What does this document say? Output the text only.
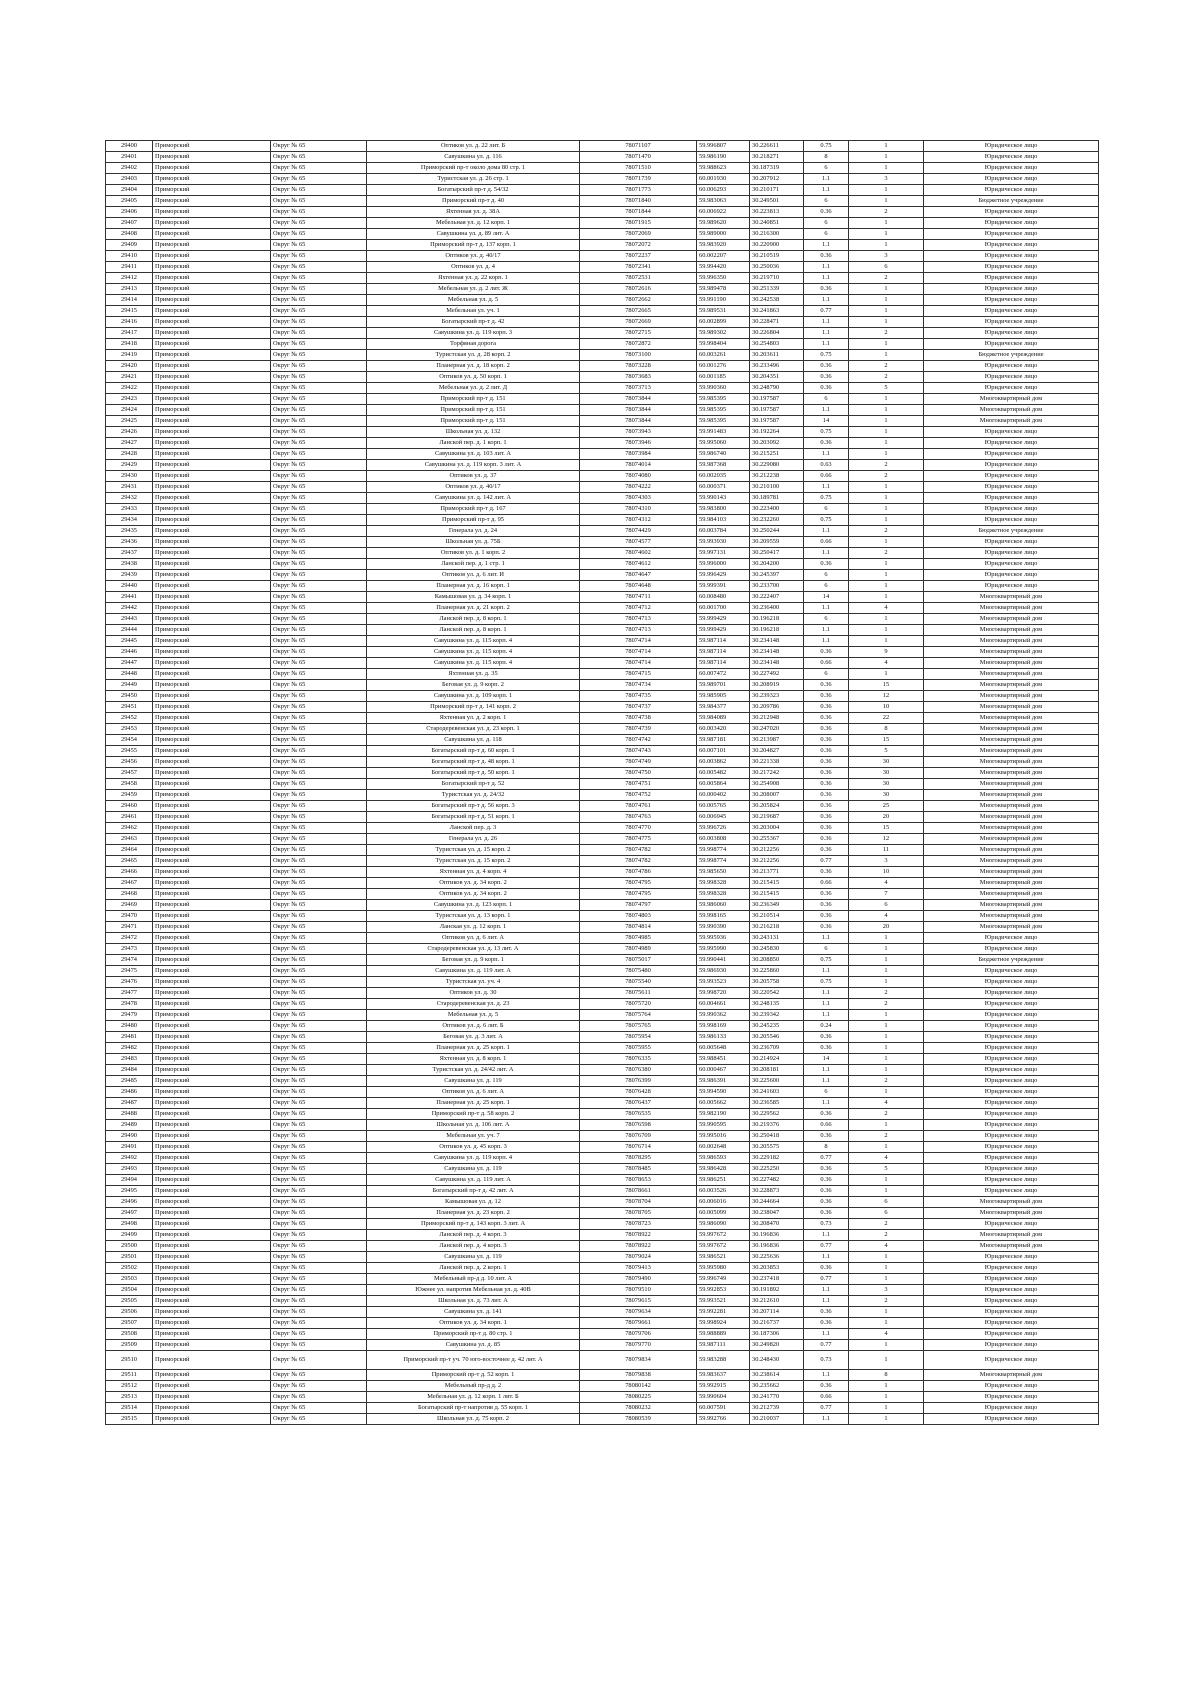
29400	Приморский	Округ № 65	Оптиков ул. д. 22 лит. Б	78071107	59.996807	30.226611	0.75	1	Юридическое лицо
29401	Приморский	Округ № 65	Савушкина ул. д. 116	78071470	59.986190	30.218271	8	1	Юридическое лицо
29402	Приморский	Округ № 65	Приморский пр-т около дома 80 стр. 1	78071510	59.988623	30.187319	6	1	Юридическое лицо
29403	Приморский	Округ № 65	Туристская ул. д. 26 стр. 1	78071739	60.001930	30.207912	1.1	3	Юридическое лицо
29404	Приморский	Округ № 65	Богатырский пр-т д. 54/32	78071773	60.006293	30.210171	1.1	1	Юридическое лицо
29405	Приморский	Округ № 65	Приморский пр-т д. 40	78071840	59.983063	30.249501	6	1	Бюджетное учреждение
29406	Приморский	Округ № 65	Яхтенная ул. д. 38А	78071844	60.006922	30.223813	0.36	2	Юридическое лицо
29407	Приморский	Округ № 65	Мебельная ул. д. 12 корп. 1	78071915	59.989620	30.240851	6	1	Юридическое лицо
29408	Приморский	Округ № 65	Савушкина ул. д. 89 лит. А	78072069	59.989000	30.216300	6	1	Юридическое лицо
29409	Приморский	Округ № 65	Приморский пр-т д. 137 корп. 1	78072072	59.983920	30.220900	1.1	1	Юридическое лицо
29410	Приморский	Округ № 65	Оптиков ул. д. 40/17	78072237	60.002207	30.210519	0.36	3	Юридическое лицо
29411	Приморский	Округ № 65	Оптиков ул. д. 4	78072341	59.994420	30.250036	1.1	6	Юридическое лицо
29412	Приморский	Округ № 65	Яхтенная ул. д. 22 корп. 1	78072531	59.996350	30.219710	1.1	2	Юридическое лицо
29413	Приморский	Округ № 65	Мебельная ул. д. 2 лит. Ж	78072616	59.989478	30.251339	0.36	1	Юридическое лицо
29414	Приморский	Округ № 65	Мебельная ул. д. 5	78072662	59.991190	30.242538	1.1	1	Юридическое лицо
29415	Приморский	Округ № 65	Мебельная ул. уч. 1	78072665	59.989531	30.241863	0.77	1	Юридическое лицо
29416	Приморский	Округ № 65	Богатырский пр-т д. 42	78072669	60.002899	30.228471	1.1	1	Юридическое лицо
29417	Приморский	Округ № 65	Савушкина ул. д. 119 корп. 3	78072715	59.989302	30.226804	1.1	2	Юридическое лицо
29418	Приморский	Округ № 65	Торфяная дорога	78072872	59.998404	30.254803	1.1	1	Юридическое лицо
29419	Приморский	Округ № 65	Туристская ул. д. 28 корп. 2	78073100	60.003261	30.203611	0.75	1	Бюджетное учреждение
29420	Приморский	Округ № 65	Планерная ул. д. 18 корп. 2	78073228	60.001276	30.233496	0.36	2	Юридическое лицо
29421	Приморский	Округ № 65	Оптиков ул. д. 50 корп. 1	78073683	60.001185	30.204351	0.36	2	Юридическое лицо
29422	Приморский	Округ № 65	Мебельная ул. д. 2 лит. Д	78073713	59.990360	30.248790	0.36	5	Юридическое лицо
29423	Приморский	Округ № 65	Приморский пр-т д. 151	78073844	59.985395	30.197587	6	1	Многоквартирный дом
29424	Приморский	Округ № 65	Приморский пр-т д. 151	78073844	59.985395	30.197587	1.1	1	Многоквартирный дом
29425	Приморский	Округ № 65	Приморский пр-т д. 151	78073844	59.985395	30.197587	14	1	Многоквартирный дом
29426	Приморский	Округ № 65	Школьная ул. д. 132	78073943	59.991483	30.192264	0.75	1	Юридическое лицо
29427	Приморский	Округ № 65	Ланской пер. д. 1 корп. 1	78073946	59.995060	30.203092	0.36	1	Юридическое лицо
29428	Приморский	Округ № 65	Савушкина ул. д. 103 лит. А	78073984	59.986740	30.215251	1.1	1	Юридическое лицо
29429	Приморский	Округ № 65	Савушкина ул. д. 119 корп. 3 лит. А	78074014	59.987368	30.229080	0.63	2	Юридическое лицо
29430	Приморский	Округ № 65	Оптиков ул. д. 37	78074080	60.002035	30.212238	0.66	2	Юридическое лицо
29431	Приморский	Округ № 65	Оптиков ул. д. 40/17	78074222	60.000371	30.210100	1.1	1	Юридическое лицо
29432	Приморский	Округ № 65	Савушкина ул. д. 142 лит. А	78074303	59.990143	30.189781	0.75	1	Юридическое лицо
29433	Приморский	Округ № 65	Приморский пр-т д. 167	78074310	59.983800	30.223400	6	1	Юридическое лицо
29434	Приморский	Округ № 65	Приморский пр-т д. 95	78074312	59.984103	30.232260	0.75	1	Юридическое лицо
29435	Приморский	Округ № 65	Генерала ул. д. 24	78074429	60.003784	30.250244	1.1	2	Бюджетное учреждение
29436	Приморский	Округ № 65	Школьная ул. д. 75Б	78074577	59.993930	30.209559	0.66	1	Юридическое лицо
29437	Приморский	Округ № 65	Оптиков ул. д. 1 корп. 2	78074602	59.997131	30.250417	1.1	2	Юридическое лицо
29438	Приморский	Округ № 65	Ланской пер. д. 1 стр. 1	78074612	59.996000	30.204200	0.36	1	Юридическое лицо
29439	Приморский	Округ № 65	Оптиков ул. д. 6 лит. И	78074647	59.996429	30.245397	6	1	Юридическое лицо
29440	Приморский	Округ № 65	Планерная ул. д. 16 корп. 1	78074648	59.999391	30.233700	6	1	Юридическое лицо
29441	Приморский	Округ № 65	Камышовая ул. д. 34 корп. 1	78074711	60.008480	30.222407	14	1	Многоквартирный дом
29442	Приморский	Округ № 65	Планерная ул. д. 21 корп. 2	78074712	60.001700	30.236400	1.1	4	Многоквартирный дом
29443	Приморский	Округ № 65	Ланской пер. д. 8 корп. 1	78074713	59.999429	30.196218	6	1	Многоквартирный дом
29444	Приморский	Округ № 65	Ланской пер. д. 8 корп. 1	78074713	59.999429	30.196218	1.1	1	Многоквартирный дом
29445	Приморский	Округ № 65	Савушкина ул. д. 115 корп. 4	78074714	59.987114	30.234148	1.1	1	Многоквартирный дом
29446	Приморский	Округ № 65	Савушкина ул. д. 115 корп. 4	78074714	59.987114	30.234148	0.36	9	Многоквартирный дом
29447	Приморский	Округ № 65	Савушкина ул. д. 115 корп. 4	78074714	59.987114	30.234148	0.66	4	Многоквартирный дом
29448	Приморский	Округ № 65	Яхтенная ул. д. 35	78074715	60.007472	30.227492	6	1	Многоквартирный дом
29449	Приморский	Округ № 65	Беговая ул. д. 9 корп. 2	78074734	59.989701	30.208919	0.36	15	Многоквартирный дом
29450	Приморский	Округ № 65	Савушкина ул. д. 109 корп. 1	78074735	59.985905	30.239323	0.36	12	Многоквартирный дом
29451	Приморский	Округ № 65	Приморский пр-т д. 141 корп. 2	78074737	59.984377	30.209786	0.36	10	Многоквартирный дом
29452	Приморский	Округ № 65	Яхтенная ул. д. 2 корп. 1	78074738	59.984089	30.212948	0.36	22	Многоквартирный дом
29453	Приморский	Округ № 65	Стародеревенская ул. д. 23 корп. 1	78074739	60.003420	30.247020	0.36	8	Многоквартирный дом
29454	Приморский	Округ № 65	Савушкина ул. д. 118	78074742	59.987181	30.213987	0.36	15	Многоквартирный дом
29455	Приморский	Округ № 65	Богатырский пр-т д. 60 корп. 1	78074743	60.007101	30.204827	0.36	5	Многоквартирный дом
29456	Приморский	Округ № 65	Богатырский пр-т д. 48 корп. 1	78074749	60.003862	30.221338	0.36	30	Многоквартирный дом
29457	Приморский	Округ № 65	Богатырский пр-т д. 50 корп. 1	78074750	60.005482	30.217242	0.36	30	Многоквартирный дом
29458	Приморский	Округ № 65	Богатырский пр-т д. 52	78074751	60.005864	30.254908	0.36	30	Многоквартирный дом
29459	Приморский	Округ № 65	Туристская ул. д. 24/32	78074752	60.000402	30.208007	0.36	30	Многоквартирный дом
29460	Приморский	Округ № 65	Богатырский пр-т д. 56 корп. 3	78074761	60.005765	30.205824	0.36	25	Многоквартирный дом
29461	Приморский	Округ № 65	Богатырский пр-т д. 51 корп. 1	78074763	60.006945	30.219687	0.36	20	Многоквартирный дом
29462	Приморский	Округ № 65	Ланской пер. д. 3	78074770	59.996726	30.203004	0.36	15	Многоквартирный дом
29463	Приморский	Округ № 65	Генерала ул. д. 26	78074775	60.003808	30.255367	0.36	12	Многоквартирный дом
29464	Приморский	Округ № 65	Туристская ул. д. 15 корп. 2	78074782	59.998774	30.212256	0.36	11	Многоквартирный дом
29465	Приморский	Округ № 65	Туристская ул. д. 15 корп. 2	78074782	59.998774	30.212256	0.77	3	Многоквартирный дом
29466	Приморский	Округ № 65	Яхтенная ул. д. 4 корп. 4	78074786	59.985650	30.213771	0.36	10	Многоквартирный дом
29467	Приморский	Округ № 65	Оптиков ул. д. 34 корп. 2	78074795	59.998328	30.215415	0.66	4	Многоквартирный дом
29468	Приморский	Округ № 65	Оптиков ул. д. 34 корп. 2	78074795	59.998328	30.215415	0.36	7	Многоквартирный дом
29469	Приморский	Округ № 65	Савушкина ул. д. 123 корп. 1	78074797	59.986060	30.236349	0.36	6	Многоквартирный дом
29470	Приморский	Округ № 65	Туристская ул. д. 13 корп. 1	78074803	59.998165	30.210514	0.36	4	Многоквартирный дом
29471	Приморский	Округ № 65	Ланская ул. д. 12 корп. 1	78074814	59.990390	30.216218	0.36	20	Многоквартирный дом
29472	Приморский	Округ № 65	Оптиков ул. д. 6 лит. А	78074985	59.995936	30.243131	1.1	1	Юридическое лицо
29473	Приморский	Округ № 65	Стародеревенская ул. д. 13 лит. А	78074989	59.995990	30.245830	6	1	Юридическое лицо
29474	Приморский	Округ № 65	Беговая ул. д. 9 корп. 1	78075017	59.990441	30.208850	0.75	1	Бюджетное учреждение
29475	Приморский	Округ № 65	Савушкина ул. д. 119 лит. А	78075480	59.986930	30.225860	1.1	1	Юридическое лицо
29476	Приморский	Округ № 65	Туристская ул. уч. 4	78075540	59.993523	30.205758	0.75	1	Юридическое лицо
29477	Приморский	Округ № 65	Оптиков ул. д. 30	78075611	59.998720	30.220542	1.1	2	Юридическое лицо
29478	Приморский	Округ № 65	Стародеревенская ул. д. 23	78075720	60.004661	30.248135	1.1	2	Юридическое лицо
29479	Приморский	Округ № 65	Мебельная ул. д. 5	78075764	59.990362	30.239342	1.1	1	Юридическое лицо
29480	Приморский	Округ № 65	Оптиков ул. д. 6 лит. Б	78075765	59.998169	30.245235	0.24	1	Юридическое лицо
29481	Приморский	Округ № 65	Беговая ул. д. 3 лит. А	78075954	59.986133	30.205546	0.36	1	Юридическое лицо
29482	Приморский	Округ № 65	Планерная ул. д. 25 корп. 1	78075955	60.005648	30.236709	0.36	1	Юридическое лицо
29483	Приморский	Округ № 65	Яхтенная ул. д. 8 корп. 1	78076335	59.988451	30.214924	14	1	Юридическое лицо
29484	Приморский	Округ № 65	Туристская ул. д. 24/42 лит. А	78076380	60.000467	30.208181	1.1	1	Юридическое лицо
29485	Приморский	Округ № 65	Савушкина ул. д. 119	78076399	59.986391	30.225600	1.1	2	Юридическое лицо
29486	Приморский	Округ № 65	Оптиков ул. д. 6 лит. А	78076428	59.994590	30.241603	6	1	Юридическое лицо
29487	Приморский	Округ № 65	Планерная ул. д. 25 корп. 1	78076437	60.005662	30.236585	1.1	4	Юридическое лицо
29488	Приморский	Округ № 65	Приморский пр-т д. 58 корп. 2	78076535	59.982190	30.229562	0.36	2	Юридическое лицо
29489	Приморский	Округ № 65	Школьная ул. д. 106 лит. А	78076598	59.990595	30.219376	0.66	1	Юридическое лицо
29490	Приморский	Округ № 65	Мебельная ул. уч. 7	78076709	59.995016	30.250418	0.36	2	Юридическое лицо
29491	Приморский	Округ № 65	Оптиков ул. д. 45 корп. 3	78076714	60.002648	30.205575	8	1	Юридическое лицо
29492	Приморский	Округ № 65	Савушкина ул. д. 119 корп. 4	78078295	59.986593	30.229182	0.77	4	Юридическое лицо
29493	Приморский	Округ № 65	Савушкина ул. д. 119	78078485	59.986428	30.225250	0.36	5	Юридическое лицо
29494	Приморский	Округ № 65	Савушкина ул. д. 119 лит. А	78078653	59.986251	30.227482	0.36	1	Юридическое лицо
29495	Приморский	Округ № 65	Богатырский пр-т д. 42 лит. А	78078661	60.003526	30.228873	0.36	1	Юридическое лицо
29496	Приморский	Округ № 65	Камышовая ул. д. 12	78078704	60.006016	30.244664	0.36	6	Многоквартирный дом
29497	Приморский	Округ № 65	Планерная ул. д. 23 корп. 2	78078705	60.005099	30.238047	0.36	6	Многоквартирный дом
29498	Приморский	Округ № 65	Приморский пр-т д. 143 корп. 3 лит. А	78078723	59.986090	30.208470	0.73	2	Юридическое лицо
29499	Приморский	Округ № 65	Ланской пер. д. 4 корп. 3	78078922	59.997672	30.196836	1.1	2	Многоквартирный дом
29500	Приморский	Округ № 65	Ланской пер. д. 4 корп. 3	78078922	59.997672	30.196836	0.77	4	Многоквартирный дом
29501	Приморский	Округ № 65	Савушкина ул. д. 119	78079024	59.986521	30.225636	1.1	1	Юридическое лицо
29502	Приморский	Округ № 65	Ланской пер. д. 2 корп. 1	78079413	59.995980	30.203853	0.36	1	Юридическое лицо
29503	Приморский	Округ № 65	Мебельный пр-д д. 10 лит. А	78079490	59.996749	30.237418	0.77	1	Юридическое лицо
29504	Приморский	Округ № 65	Южнее ул. напротив Мебельная ул. д. 40В	78079510	59.992853	30.191892	1.1	3	Юридическое лицо
29505	Приморский	Округ № 65	Школьная ул. д. 73 лит. А	78079615	59.993521	30.212610	1.1	2	Юридическое лицо
29506	Приморский	Округ № 65	Савушкина ул. д. 141	78079634	59.992281	30.207114	0.36	1	Юридическое лицо
29507	Приморский	Округ № 65	Оптиков ул. д. 34 корп. 1	78079661	59.998924	30.216737	0.36	1	Юридическое лицо
29508	Приморский	Округ № 65	Приморский пр-т д. 80 стр. 1	78079706	59.988889	30.187306	1.1	4	Юридическое лицо
29509	Приморский	Округ № 65	Савушкина ул. д. 85	78079770	59.987111	30.249820	0.77	1	Юридическое лицо
29510	Приморский	Округ № 65	Приморский пр-т уч. 70 юго-восточнее д. 42 лит. А	78079834	59.983288	30.248430	0.73	1	Юридическое лицо
29511	Приморский	Округ № 65	Приморский пр-т д. 52 корп. 1	78079838	59.983637	30.238614	1.1	8	Многоквартирный дом
29512	Приморский	Округ № 65	Мебельный пр-д д. 2	78080142	59.992915	30.235662	0.36	1	Юридическое лицо
29513	Приморский	Округ № 65	Мебельная ул. д. 12 корп. 1 лит. Б	78080225	59.990604	30.241770	0.66	1	Юридическое лицо
29514	Приморский	Округ № 65	Богатырский пр-т напротив д. 55 корп. 1	78080232	60.007591	30.212739	0.77	1	Юридическое лицо
29515	Приморский	Округ № 65	Школьная ул. д. 75 корп. 2	78080539	59.992766	30.210037	1.1	1	Юридическое лицо
